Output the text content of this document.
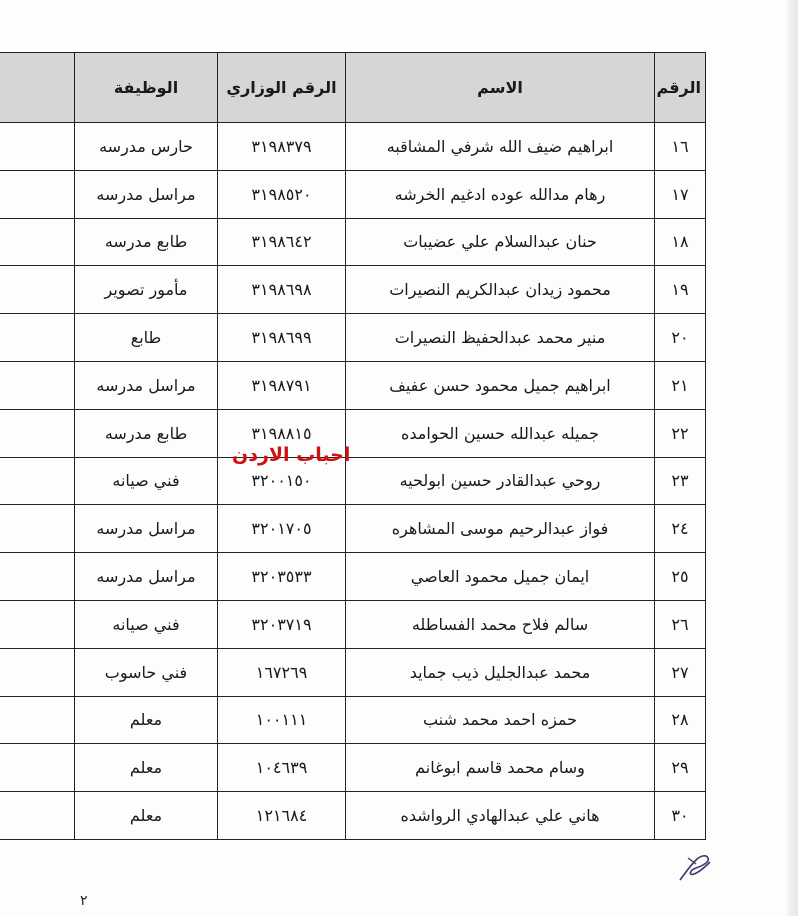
الرقم	الاسم	الرقم الوزاري	الوظيفة	
١٦	ابراهيم ضيف الله شرفي المشاقبه	٣١٩٨٣٧٩	حارس مدرسه	
١٧	رهام مدالله عوده ادغيم الخرشه	٣١٩٨٥٢٠	مراسل مدرسه	
١٨	حنان عبدالسلام علي عضيبات	٣١٩٨٦٤٢	طابع مدرسه	
١٩	محمود زيدان عبدالكريم النصيرات	٣١٩٨٦٩٨	مأمور تصوير	
٢٠	منير محمد عبدالحفيظ النصيرات	٣١٩٨٦٩٩	طابع	
٢١	ابراهيم جميل محمود حسن عفيف	٣١٩٨٧٩١	مراسل مدرسه	
٢٢	جميله عبدالله حسين الحوامده	٣١٩٨٨١٥	طابع مدرسه	
٢٣	روحي عبدالقادر حسين ابولحيه	٣٢٠٠١٥٠	فني صيانه	
٢٤	فواز عبدالرحيم موسى المشاهره	٣٢٠١٧٠٥	مراسل مدرسه	
٢٥	ايمان جميل محمود العاصي	٣٢٠٣٥٣٣	مراسل مدرسه	
٢٦	سالم فلاح محمد الفساطله	٣٢٠٣٧١٩	فني صيانه	
٢٧	محمد عبدالجليل ذيب جمايد	١٦٧٢٦٩	فني حاسوب	
٢٨	حمزه احمد محمد شنب	١٠٠١١١	معلم	
٢٩	وسام محمد قاسم ابوغانم	١٠٤٦٣٩	معلم	
٣٠	هاني علي عبدالهادي الرواشده	١٢١٦٨٤	معلم	
احباب الاردن
٢
